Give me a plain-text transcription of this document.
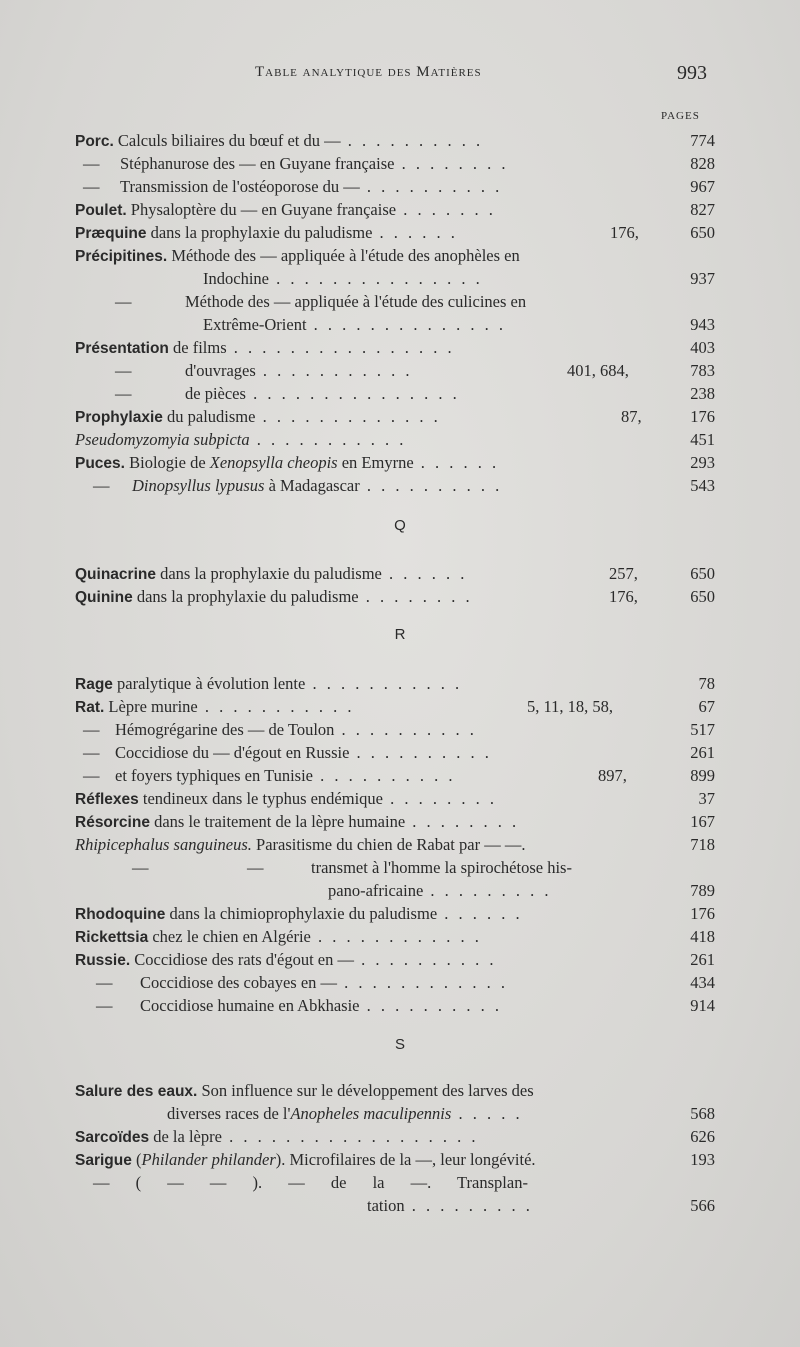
Table analytique des Matières	993
PAGES
Porc. Calculs biliaires du bœuf et du — . . . . . . . . . .	774
— Stéphanurose des — en Guyane française . . . . . . . .	828
— Transmission de l'ostéoporose du — . . . . . . . . . .	967
Poulet. Physaloptère du — en Guyane française . . . . . . .	827
Præquine dans la prophylaxie du paludisme . . . . . .	176,	650
Précipitines. Méthode des — appliquée à l'étude des anophèles en
Indochine . . . . . . . . . . . . . . .	937
—	Méthode des — appliquée à l'étude des culicines en
Extrême-Orient . . . . . . . . . . . . . .	943
Présentation de films . . . . . . . . . . . . . . . .	403
—	d'ouvrages . . . . . . . . . . .	401, 684,	783
—	de pièces . . . . . . . . . . . . . . .	238
Prophylaxie du paludisme . . . . . . . . . . . . .	87,	176
Pseudomyzomyia subpicta . . . . . . . . . . .	451
Puces. Biologie de Xenopsylla cheopis en Emyrne . . . . . .	293
— Dinopsyllus lypusus à Madagascar . . . . . . . . . .	543
Q
Quinacrine dans la prophylaxie du paludisme . . . . . .	257,	650
Quinine dans la prophylaxie du paludisme . . . . . . . .	176,	650
R
Rage paralytique à évolution lente . . . . . . . . . . .	78
Rat. Lèpre murine . . . . . . . . . . .	5, 11, 18, 58,	67
— Hémogrégarine des — de Toulon . . . . . . . . . .	517
— Coccidiose du — d'égout en Russie . . . . . . . . . .	261
— et foyers typhiques en Tunisie . . . . . . . . . .	897,	899
Réflexes tendineux dans le typhus endémique . . . . . . . .	37
Résorcine dans le traitement de la lèpre humaine . . . . . . . .	167
Rhipicephalus sanguineus. Parasitisme du chien de Rabat par — —.	718
—	—	transmet à l'homme la spirochétose his-
pano-africaine . . . . . . . . .	789
Rhodoquine dans la chimioprophylaxie du paludisme . . . . . .	176
Rickettsia chez le chien en Algérie . . . . . . . . . . . .	418
Russie. Coccidiose des rats d'égout en — . . . . . . . . . .	261
— Coccidiose des cobayes en — . . . . . . . . . . . .	434
— Coccidiose humaine en Abkhasie . . . . . . . . . .	914
S
Salure des eaux. Son influence sur le développement des larves des
diverses races de l'Anopheles maculipennis . . . . .	568
Sarcoïdes de la lèpre . . . . . . . . . . . . . . . . . .	626
Sarigue (Philander philander). Microfilaires de la —, leur longévité.	193
— ( — — ). — de la —. Transplan-
tation . . . . . . . . .	566
